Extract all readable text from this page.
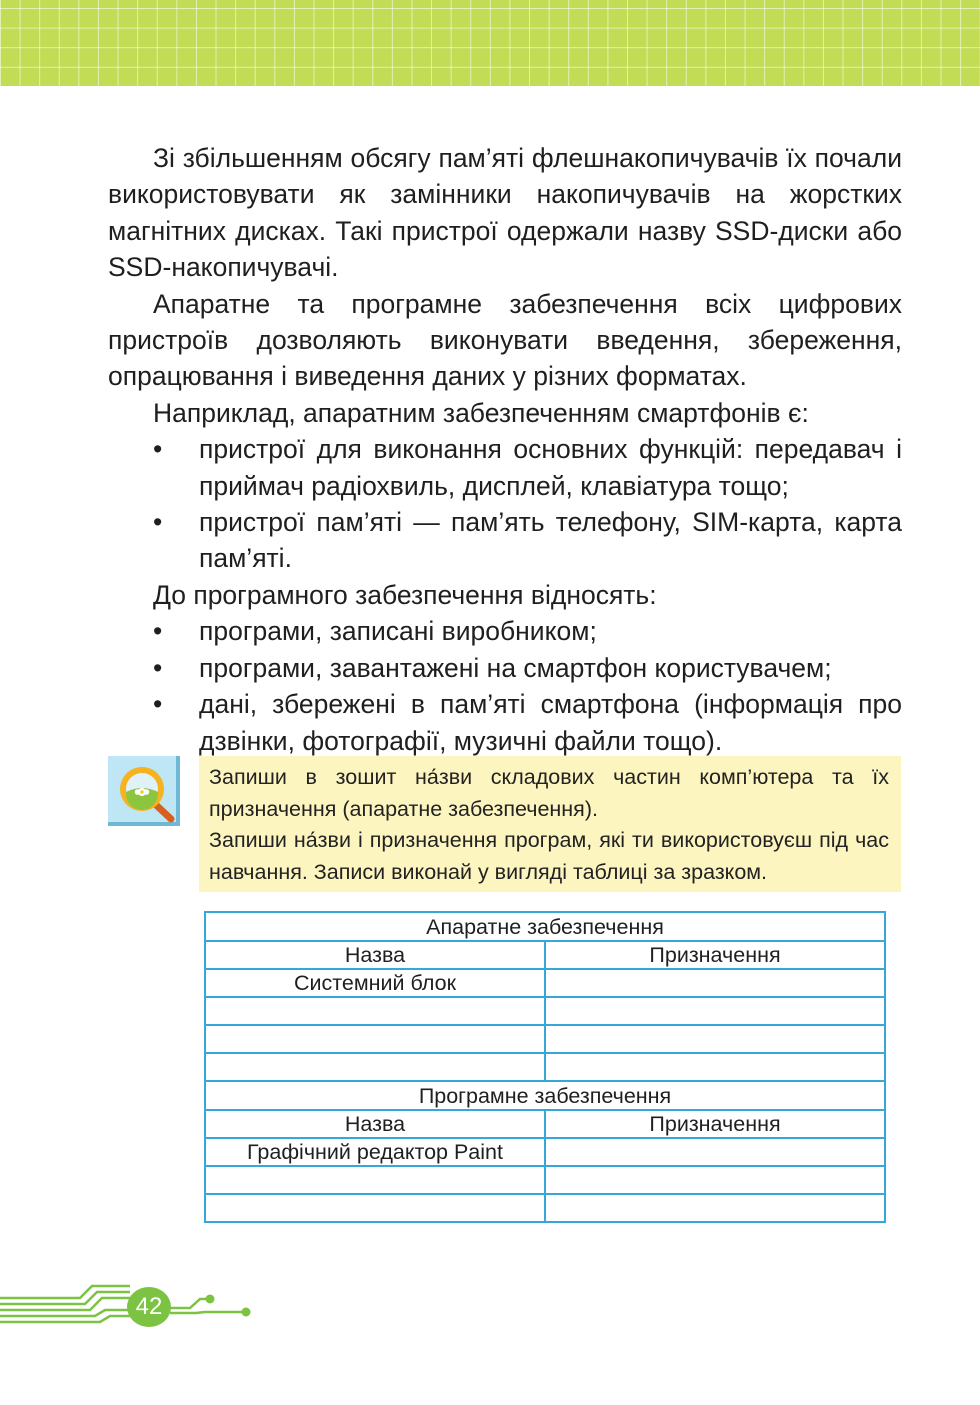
Зі збільшенням обсягу пам’яті флешнакопичувачів їх почали використовувати як замінники накопичувачів на жорстких магнітних дисках. Такі пристрої одержали назву SSD-диски або SSD-накопичувачі.

Апаратне та програмне забезпечення всіх цифрових пристроїв дозволяють виконувати введення, збереження, опрацювання і виведення даних у різних форматах.

Наприклад, апаратним забезпеченням смартфонів є:

•	пристрої для виконання основних функцій: передавач і приймач радіохвиль, дисплей, клавіатура тощо;
•	пристрої пам’яті — пам’ять телефону, SIM-карта, карта пам’яті.

До програмного забезпечення відносять:

•	програми, записані виробником;
•	програми, завантажені на смартфон користувачем;
•	дані, збережені в пам’яті смартфона (інформація про дзвінки, фотографії, музичні файли тощо).

Запиши в зошит на́зви складових частин комп’ютера та їх призначення (апаратне забезпечення).

Запиши на́зви і призначення програм, які ти використовуєш під час навчання. Записи виконай у вигляді таблиці за зразком.

Апаратне забезпечення	
Назва	Призначення
Системний блок	

Програмне забезпечення	
Назва	Призначення
Графічний редактор Paint	

42
